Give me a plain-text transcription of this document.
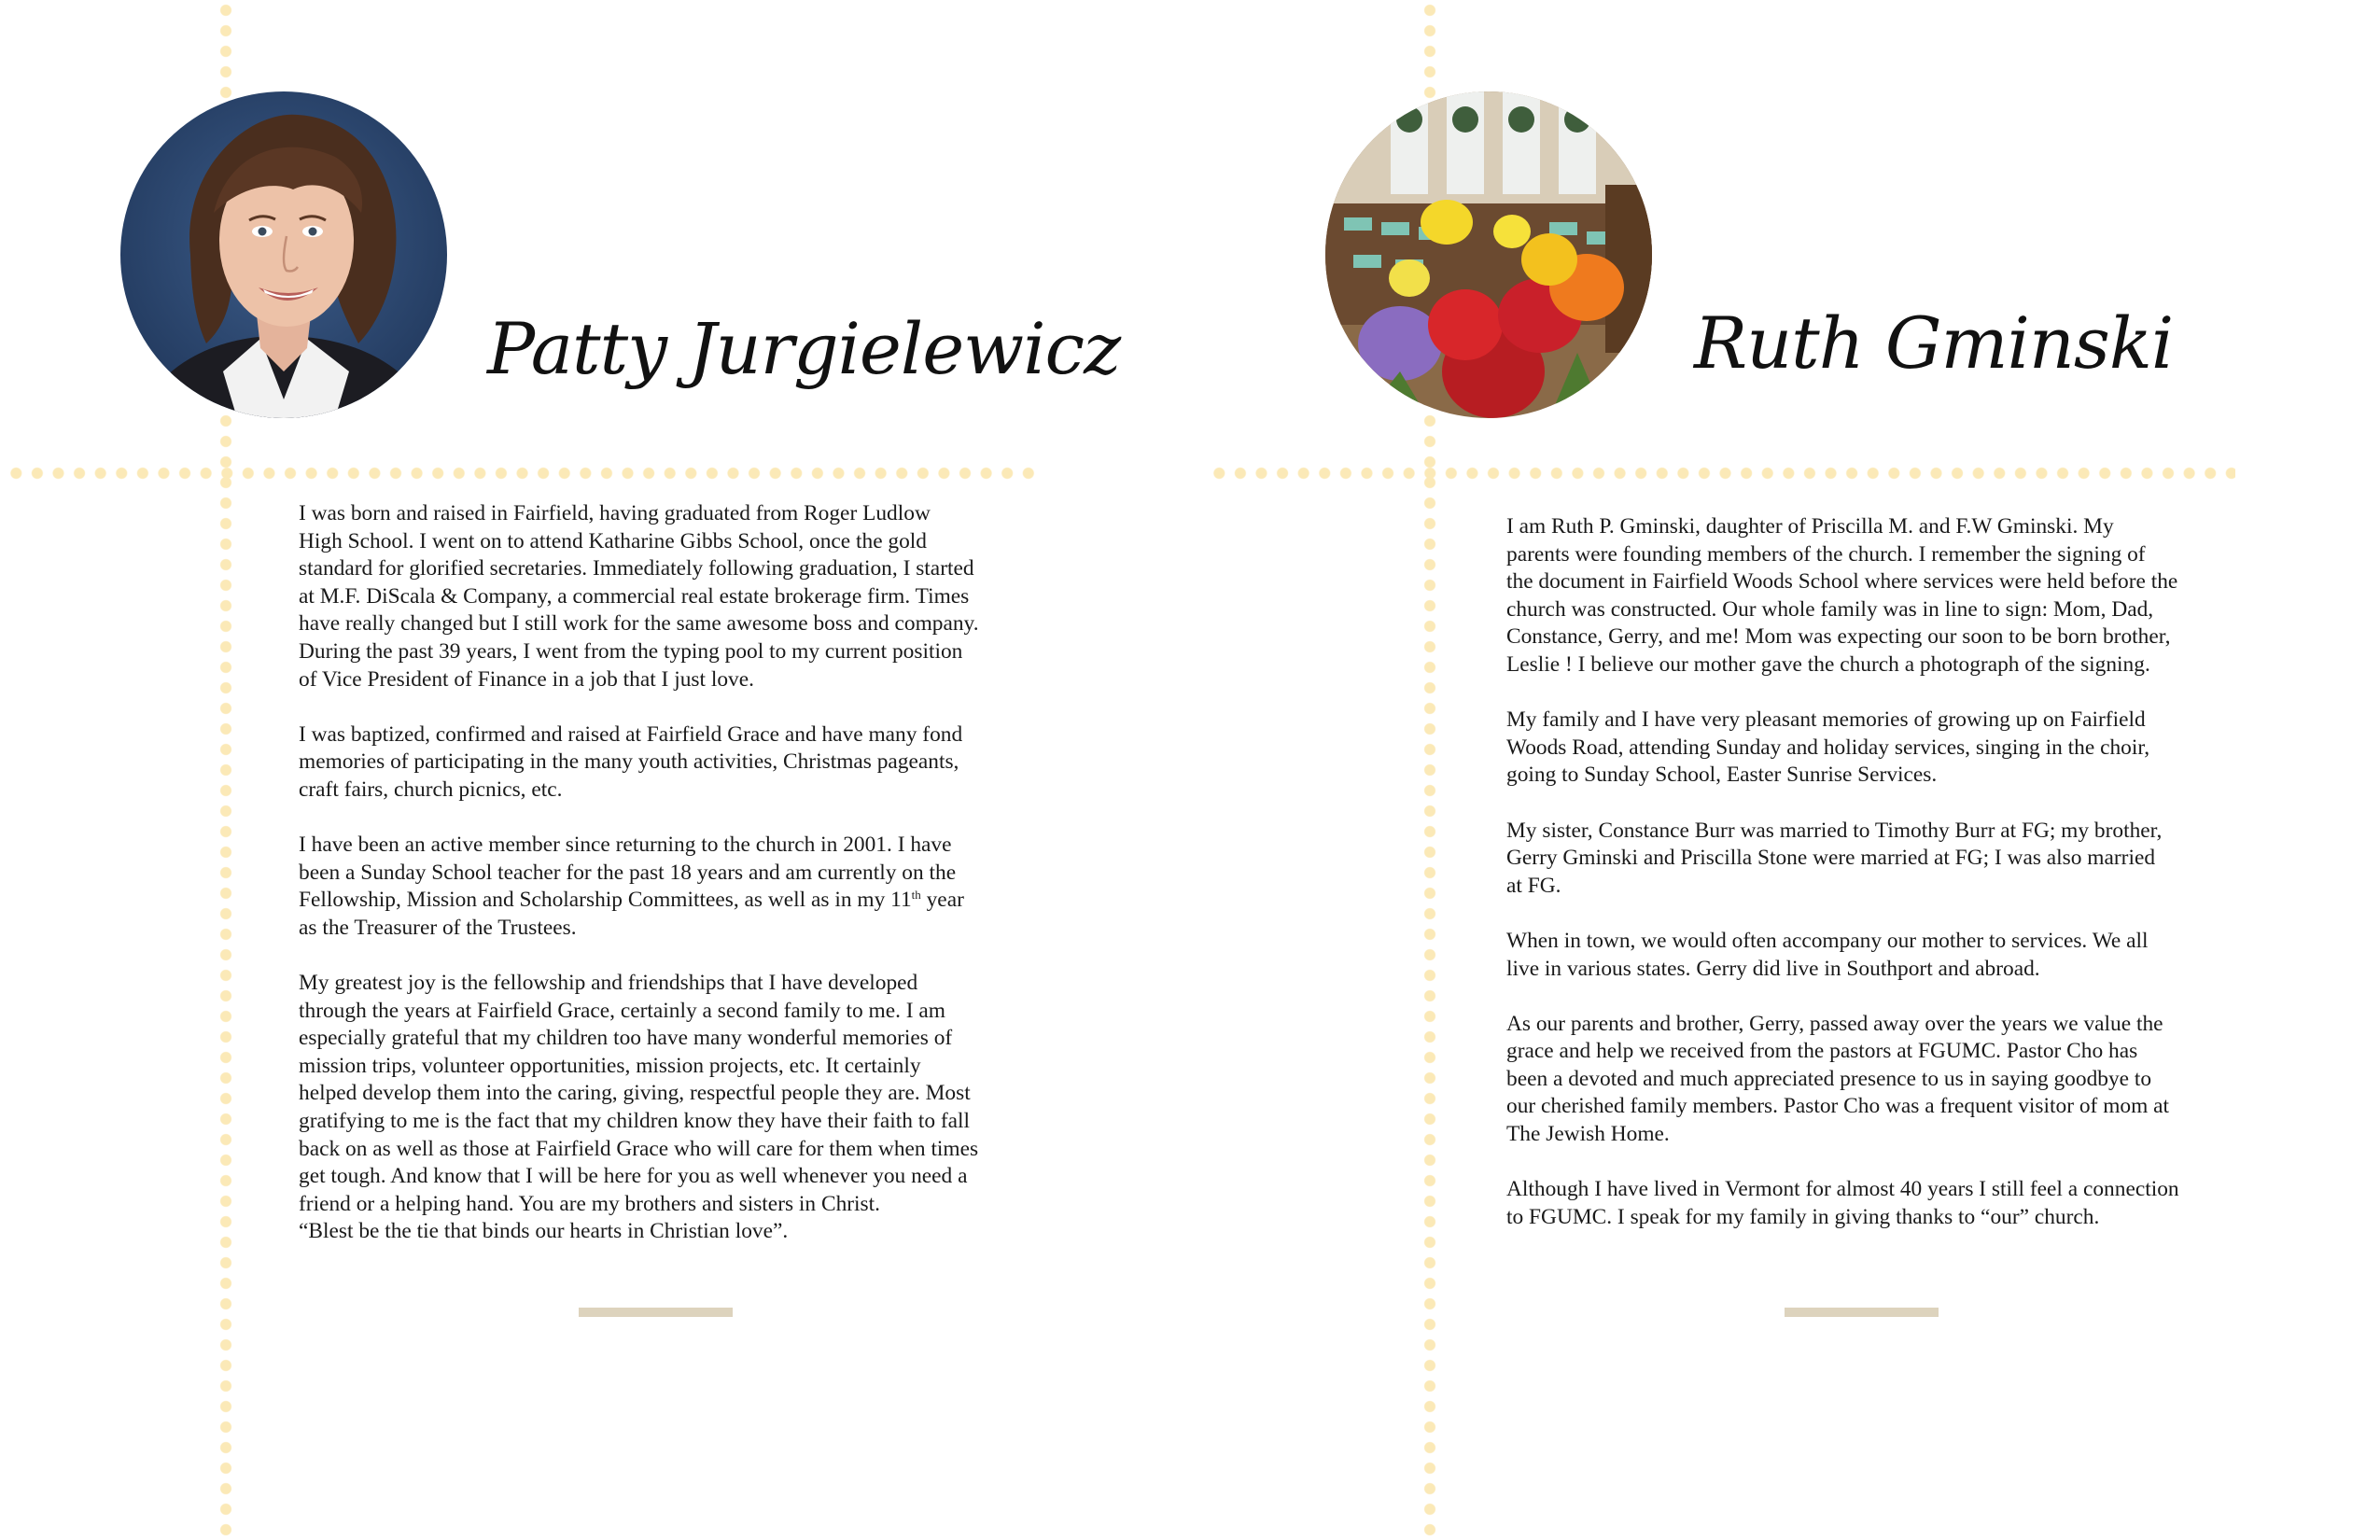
Patty Jurgielewicz

I was born and raised in Fairfield, having graduated from Roger Ludlow
High School. I went on to attend Katharine Gibbs School, once the gold
standard for glorified secretaries. Immediately following graduation, I started
at M.F. DiScala & Company, a commercial real estate brokerage firm. Times
have really changed but I still work for the same awesome boss and company.
During the past 39 years, I went from the typing pool to my current position
of Vice President of Finance in a job that I just love.

I was baptized, confirmed and raised at Fairfield Grace and have many fond
memories of participating in the many youth activities, Christmas pageants,
craft fairs, church picnics, etc.

I have been an active member since returning to the church in 2001. I have
been a Sunday School teacher for the past 18 years and am currently on the
Fellowship, Mission and Scholarship Committees, as well as in my 11th year
as the Treasurer of the Trustees.

My greatest joy is the fellowship and friendships that I have developed
through the years at Fairfield Grace, certainly a second family to me. I am
especially grateful that my children too have many wonderful memories of
mission trips, volunteer opportunities, mission projects, etc. It certainly
helped develop them into the caring, giving, respectful people they are. Most
gratifying to me is the fact that my children know they have their faith to fall
back on as well as those at Fairfield Grace who will care for them when times
get tough. And know that I will be here for you as well whenever you need a
friend or a helping hand. You are my brothers and sisters in Christ.
“Blest be the tie that binds our hearts in Christian love”.

Ruth Gminski

I am Ruth P. Gminski, daughter of Priscilla M. and F.W Gminski. My
parents were founding members of the church. I remember the signing of
the document in Fairfield Woods School where services were held before the
church was constructed. Our whole family was in line to sign: Mom, Dad,
Constance, Gerry, and me! Mom was expecting our soon to be born brother,
Leslie ! I believe our mother gave the church a photograph of the signing.

My family and I have very pleasant memories of growing up on Fairfield
Woods Road, attending Sunday and holiday services, singing in the choir,
going to Sunday School, Easter Sunrise Services.

My sister, Constance Burr was married to Timothy Burr at FG; my brother,
Gerry Gminski and Priscilla Stone were married at FG; I was also married
at FG.

When in town, we would often accompany our mother to services. We all
live in various states. Gerry did live in Southport and abroad.

As our parents and brother, Gerry, passed away over the years we value the
grace and help we received from the pastors at FGUMC. Pastor Cho has
been a devoted and much appreciated presence to us in saying goodbye to
our cherished family members. Pastor Cho was a frequent visitor of mom at
The Jewish Home.

Although I have lived in Vermont for almost 40 years I still feel a connection
to FGUMC. I speak for my family in giving thanks to “our” church.
